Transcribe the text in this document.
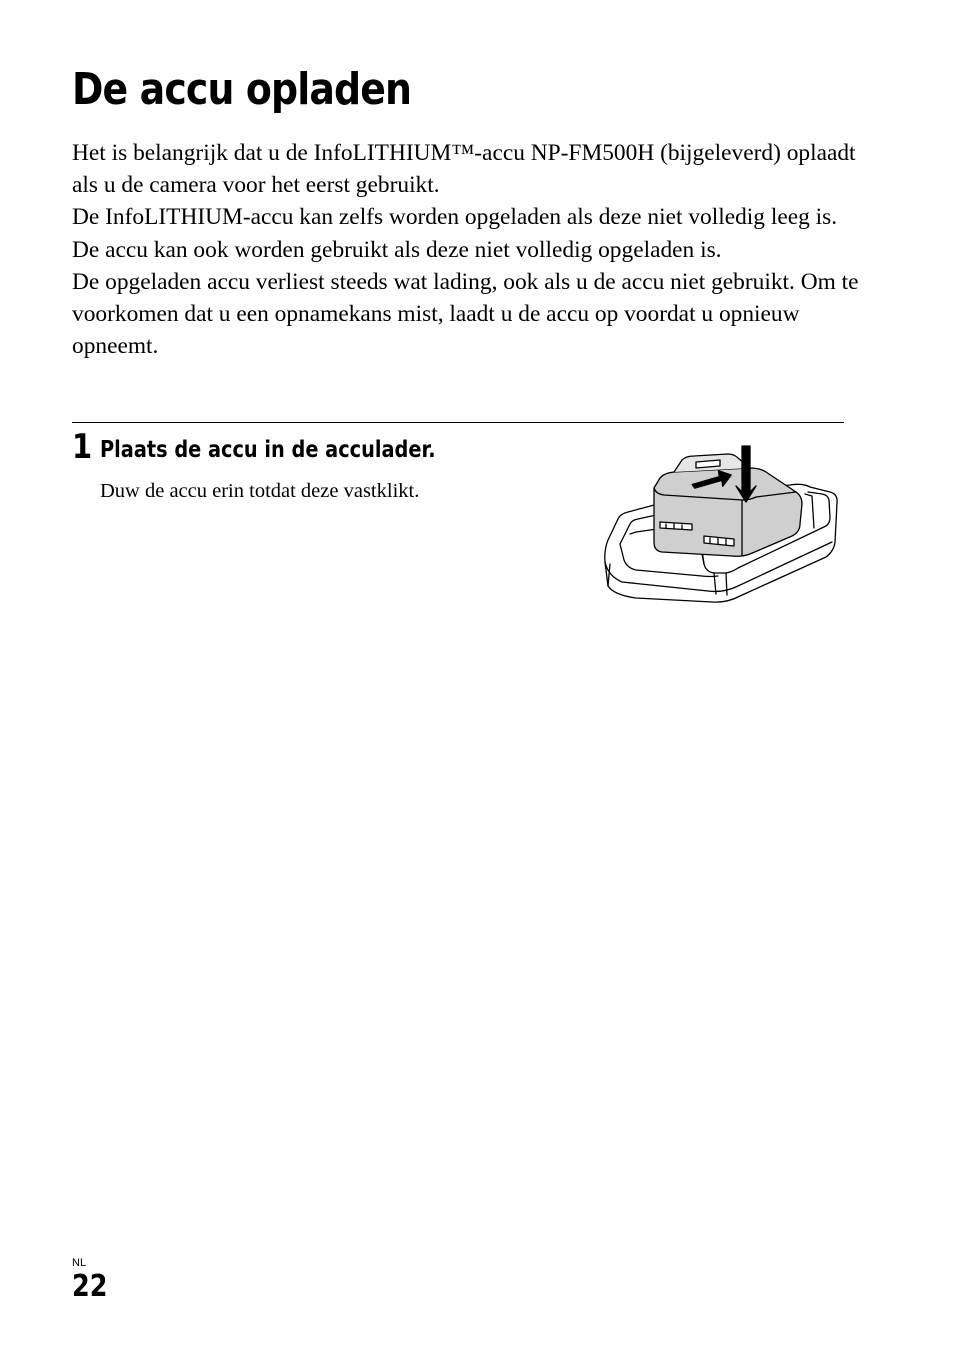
De accu opladen

Het is belangrijk dat u de InfoLITHIUM™-accu NP-FM500H (bijgeleverd) oplaadt als u de camera voor het eerst gebruikt.

De InfoLITHIUM-accu kan zelfs worden opgeladen als deze niet volledig leeg is.

De accu kan ook worden gebruikt als deze niet volledig opgeladen is.

De opgeladen accu verliest steeds wat lading, ook als u de accu niet gebruikt. Om te voorkomen dat u een opnamekans mist, laadt u de accu op voordat u opnieuw opneemt.

1 Plaats de accu in de acculader.
Duw de accu erin totdat deze vastklikt.
NL
22
